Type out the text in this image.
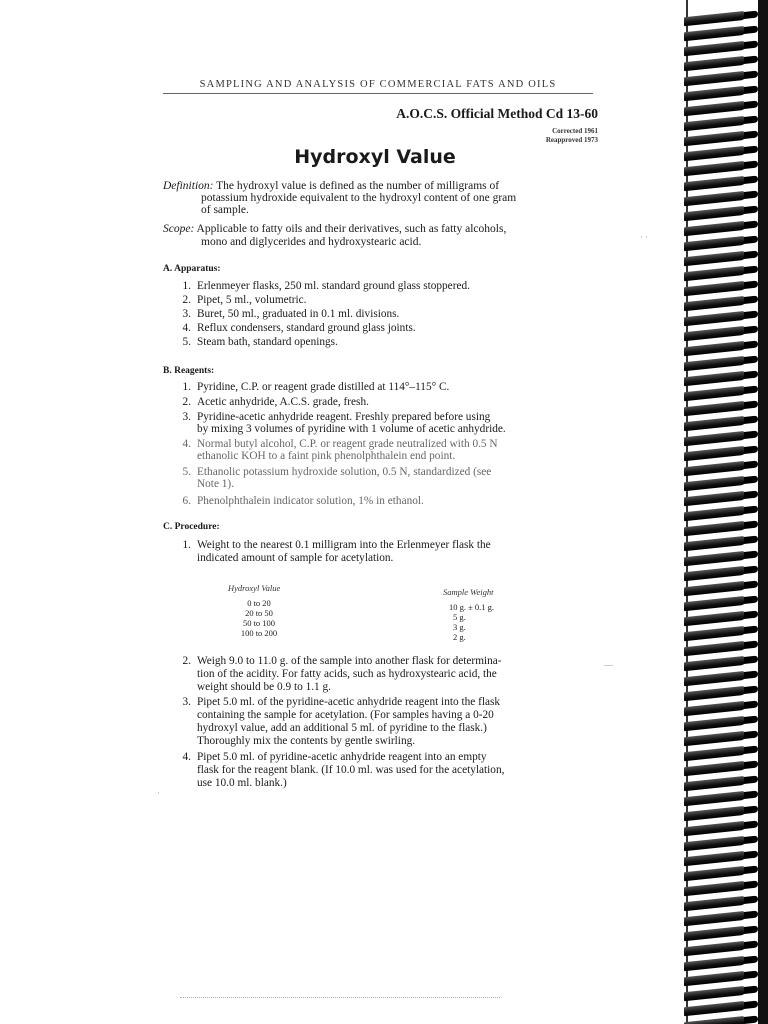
SAMPLING AND ANALYSIS OF COMMERCIAL FATS AND OILS
A.O.C.S. Official Method Cd 13-60
Corrected 1961
Reapproved 1973
Hydroxyl Value
Definition: The hydroxyl value is defined as the number of milligrams of
potassium hydroxide equivalent to the hydroxyl content of one gram
of sample.
Scope: Applicable to fatty oils and their derivatives, such as fatty alcohols,
mono and diglycerides and hydroxystearic acid.
A. Apparatus:
1. Erlenmeyer flasks, 250 ml. standard ground glass stoppered.
2. Pipet, 5 ml., volumetric.
3. Buret, 50 ml., graduated in 0.1 ml. divisions.
4. Reflux condensers, standard ground glass joints.
5. Steam bath, standard openings.
B. Reagents:
1. Pyridine, C.P. or reagent grade distilled at 114°–115° C.
2. Acetic anhydride, A.C.S. grade, fresh.
3. Pyridine-acetic anhydride reagent. Freshly prepared before using
by mixing 3 volumes of pyridine with 1 volume of acetic anhydride.
4. Normal butyl alcohol, C.P. or reagent grade neutralized with 0.5 N
ethanolic KOH to a faint pink phenolphthalein end point.
5. Ethanolic potassium hydroxide solution, 0.5 N, standardized (see
Note 1).
6. Phenolphthalein indicator solution, 1% in ethanol.
C. Procedure:
1. Weight to the nearest 0.1 milligram into the Erlenmeyer flask the
indicated amount of sample for acetylation.
Hydroxyl Value	Sample Weight
0 to 20
20 to 50
50 to 100
100 to 200
10 g. ± 0.1 g.
5 g.
3 g.
2 g.
2. Weigh 9.0 to 11.0 g. of the sample into another flask for determina-
tion of the acidity. For fatty acids, such as hydroxystearic acid, the
weight should be 0.9 to 1.1 g.
3. Pipet 5.0 ml. of the pyridine-acetic anhydride reagent into the flask
containing the sample for acetylation. (For samples having a 0-20
hydroxyl value, add an additional 5 ml. of pyridine to the flask.)
Thoroughly mix the contents by gentle swirling.
4. Pipet 5.0 ml. of pyridine-acetic anhydride reagent into an empty
flask for the reagent blank. (If 10.0 ml. was used for the acetylation,
use 10.0 ml. blank.)
· ·
—
·
